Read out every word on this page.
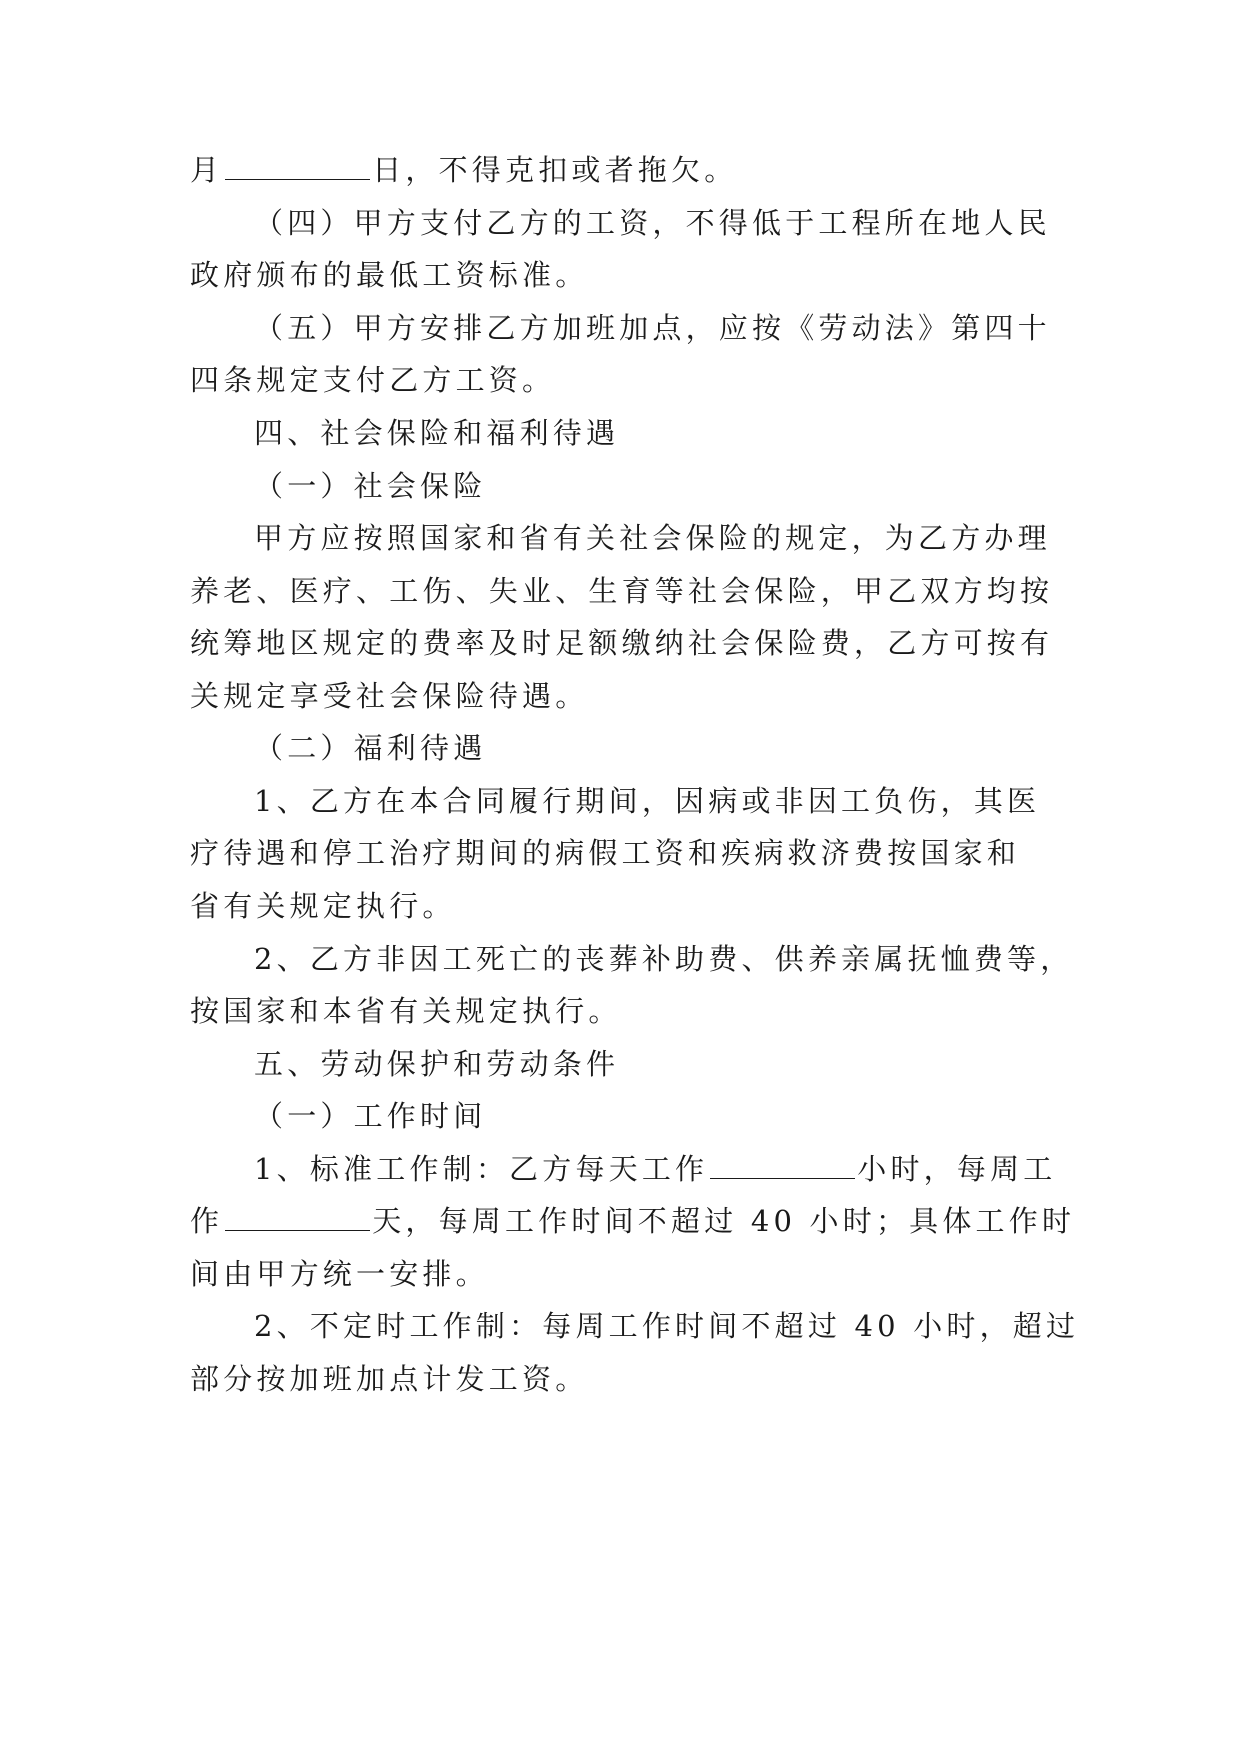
月	日，不得克扣或者拖欠。
（四）甲方支付乙方的工资，不得低于工程所在地人民
政府颁布的最低工资标准。
（五）甲方安排乙方加班加点，应按《劳动法》第四十
四条规定支付乙方工资。
四、社会保险和福利待遇
（一）社会保险
甲方应按照国家和省有关社会保险的规定，为乙方办理
养老、医疗、工伤、失业、生育等社会保险，甲乙双方均按
统筹地区规定的费率及时足额缴纳社会保险费，乙方可按有
关规定享受社会保险待遇。
（二）福利待遇
1、乙方在本合同履行期间，因病或非因工负伤，其医
疗待遇和停工治疗期间的病假工资和疾病救济费按国家和
省有关规定执行。
2、乙方非因工死亡的丧葬补助费、供养亲属抚恤费等，
按国家和本省有关规定执行。
五、劳动保护和劳动条件
（一）工作时间
1、标准工作制：乙方每天工作	小时，每周工
作	天，每周工作时间不超过 40 小时；具体工作时
间由甲方统一安排。
2、不定时工作制：每周工作时间不超过 40 小时，超过
部分按加班加点计发工资。
